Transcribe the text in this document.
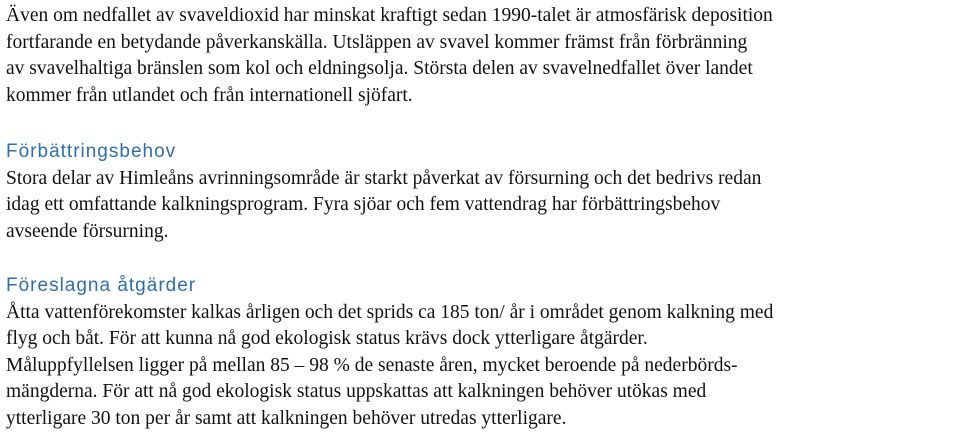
Även om nedfallet av svaveldioxid har minskat kraftigt sedan 1990-talet är atmosfärisk deposition
fortfarande en betydande påverkanskälla. Utsläppen av svavel kommer främst från förbränning
av svavelhaltiga bränslen som kol och eldningsolja. Största delen av svavelnedfallet över landet
kommer från utlandet och från internationell sjöfart.
Förbättringsbehov
Stora delar av Himleåns avrinningsområde är starkt påverkat av försurning och det bedrivs redan
idag ett omfattande kalkningsprogram. Fyra sjöar och fem vattendrag har förbättringsbehov
avseende försurning.
Föreslagna åtgärder
Åtta vattenförekomster kalkas årligen och det sprids ca 185 ton/ år i området genom kalkning med
flyg och båt. För att kunna nå god ekologisk status krävs dock ytterligare åtgärder.
Måluppfyllelsen ligger på mellan 85 – 98 % de senaste åren, mycket beroende på nederbörds-
mängderna. För att nå god ekologisk status uppskattas att kalkningen behöver utökas med
ytterligare 30 ton per år samt att kalkningen behöver utredas ytterligare.
